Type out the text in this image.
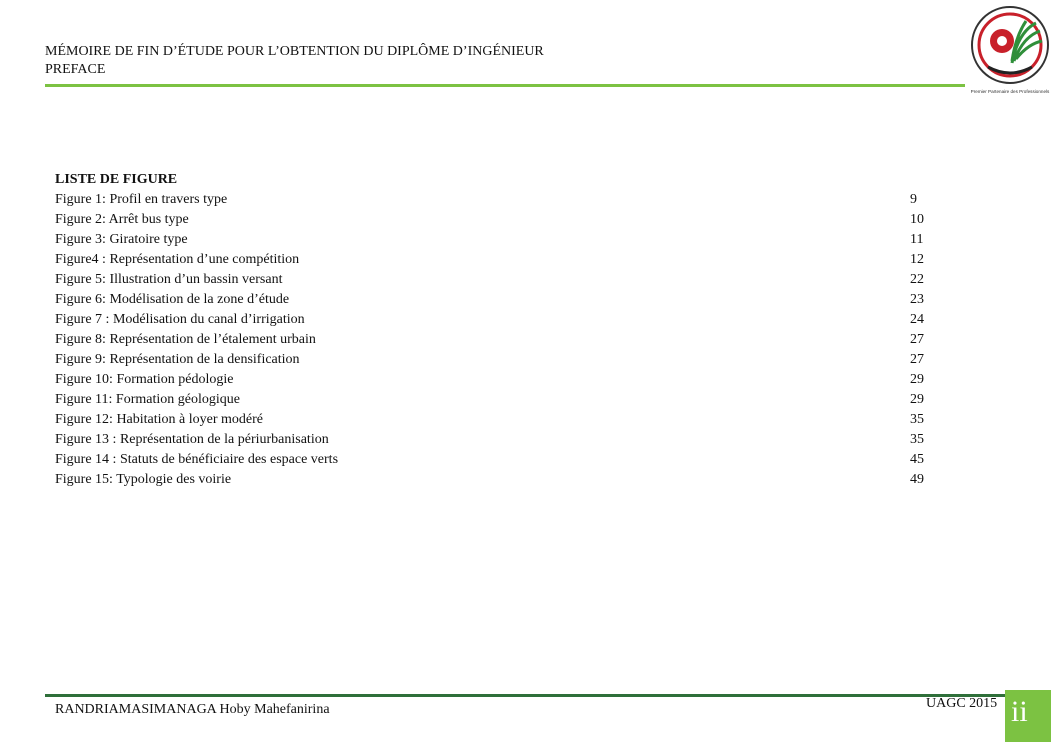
MÉMOIRE DE FIN D’ÉTUDE POUR L’OBTENTION DU DIPLÔME D’INGÉNIEUR
PREFACE
Premier Partenaire des Professionnels
LISTE DE FIGURE
Figure 1: Profil en travers type	9
Figure 2: Arrêt bus type	10
Figure 3: Giratoire type	11
Figure4 : Représentation d’une compétition	12
Figure 5: Illustration d’un bassin versant	22
Figure 6: Modélisation de la zone d’étude	23
Figure 7 : Modélisation du canal d’irrigation	24
Figure 8: Représentation de l’étalement urbain	27
Figure 9: Représentation de la densification	27
Figure 10: Formation pédologie	29
Figure 11: Formation géologique	29
Figure 12: Habitation à loyer modéré	35
Figure 13 : Représentation de la périurbanisation	35
Figure 14 : Statuts de bénéficiaire des espace verts	45
Figure 15: Typologie des voirie	49
RANDRIAMASIMANAGA Hoby Mahefanirina	UAGC 2015 ii
